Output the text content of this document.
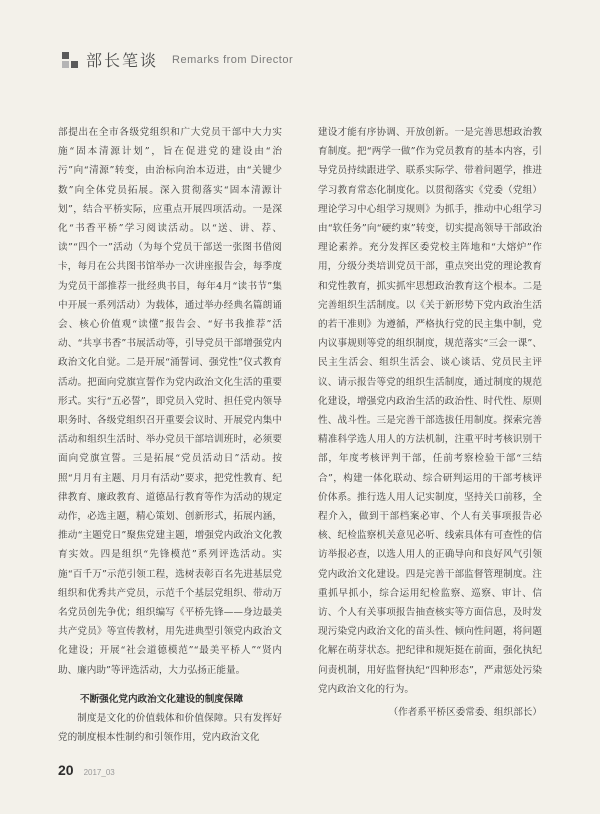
部长笔谈 Remarks from Director
部提出在全市各级党组织和广大党员干部中大力实施“固本清源计划”，旨在促进党的建设由“治污”向“清源”转变，由治标向治本迈进，由“关键少数”向全体党员拓展。深入贯彻落实“固本清源计划”，结合平桥实际，应重点开展四项活动。一是深化“书香平桥”学习阅读活动。以“送、讲、荐、读”“四个一”活动（为每个党员干部送一张图书借阅卡，每月在公共图书馆举办一次讲座报告会，每季度为党员干部推荐一批经典书目，每年4月“读书节”集中开展一系列活动）为载体，通过举办经典名篇朗诵会、核心价值观“读懂”报告会、“好书我推荐”活动、“共享书香”书展活动等，引导党员干部增强党内政治文化自觉。二是开展“涌誓词、强党性”仪式教育活动。把面向党旗宣誓作为党内政治文化生活的重要形式。实行“五必誓”，即党员入党时、担任党内领导职务时、各级党组织召开重要会议时、开展党内集中活动和组织生活时、举办党员干部培训班时，必须要面向党旗宣誓。三是拓展“党员活动日”活动。按照“月月有主题、月月有活动”要求，把党性教育、纪律教育、廉政教育、道德品行教育等作为活动的规定动作，必选主题，精心策划、创新形式，拓展内涵，推动“主题党日”聚焦党建主题，增强党内政治文化教育实效。四是组织“先锋模范”系列评选活动。实施“百千万”示范引领工程，选树表彰百名先进基层党组织和优秀共产党员，示范千个基层党组织、带动万名党员创先争优；组织编写《平桥先锋——身边最美共产党员》等宣传教材，用先进典型引领党内政治文化建设；开展“社会道德模范”“最美平桥人”“贤内助、廉内助”等评选活动，大力弘扬正能量。
不断强化党内政治文化建设的制度保障
制度是文化的价值载体和价值保障。只有发挥好党的制度根本性制约和引领作用，党内政治文化
建设才能有序协调、开放创新。一是完善思想政治教育制度。把“两学一做”作为党员教育的基本内容，引导党员持续跟进学、联系实际学、带着问题学，推进学习教育常态化制度化。以贯彻落实《党委（党组）理论学习中心组学习规则》为抓手，推动中心组学习由“软任务”向“硬约束”转变，切实提高领导干部政治理论素养。充分发挥区委党校主阵地和“大熔炉”作用，分级分类培训党员干部，重点突出党的理论教育和党性教育，抓实抓牢思想政治教育这个根本。二是完善组织生活制度。以《关于新形势下党内政治生活的若干准则》为遵循，严格执行党的民主集中制，党内议事规则等党的组织制度，规范落实“三会一课”、民主生活会、组织生活会、谈心谈话、党员民主评议、请示报告等党的组织生活制度，通过制度的规范化建设，增强党内政治生活的政治性、时代性、原则性、战斗性。三是完善干部选拔任用制度。探索完善精准科学选人用人的方法机制，注重平时考核识别干部，年度考核评判干部，任前考察检验干部“三结合”，构建一体化联动、综合研判运用的干部考核评价体系。推行选人用人记实制度，坚持关口前移，全程介入，做到干部档案必审、个人有关事项报告必核、纪检监察机关意见必听、线索具体有可查性的信访举报必查，以选人用人的正确导向和良好风气引领党内政治文化建设。四是完善干部监督管理制度。注重抓早抓小，综合运用纪检监察、巡察、审计、信访、个人有关事项报告抽查核实等方面信息，及时发现污染党内政治文化的苗头性、倾向性问题，将问题化解在萌芽状态。把纪律和规矩挺在前面，强化执纪问责机制，用好监督执纪“四种形态”，严肃惩处污染党内政治文化的行为。
（作者系平桥区委常委、组织部长）
20 2017_03
